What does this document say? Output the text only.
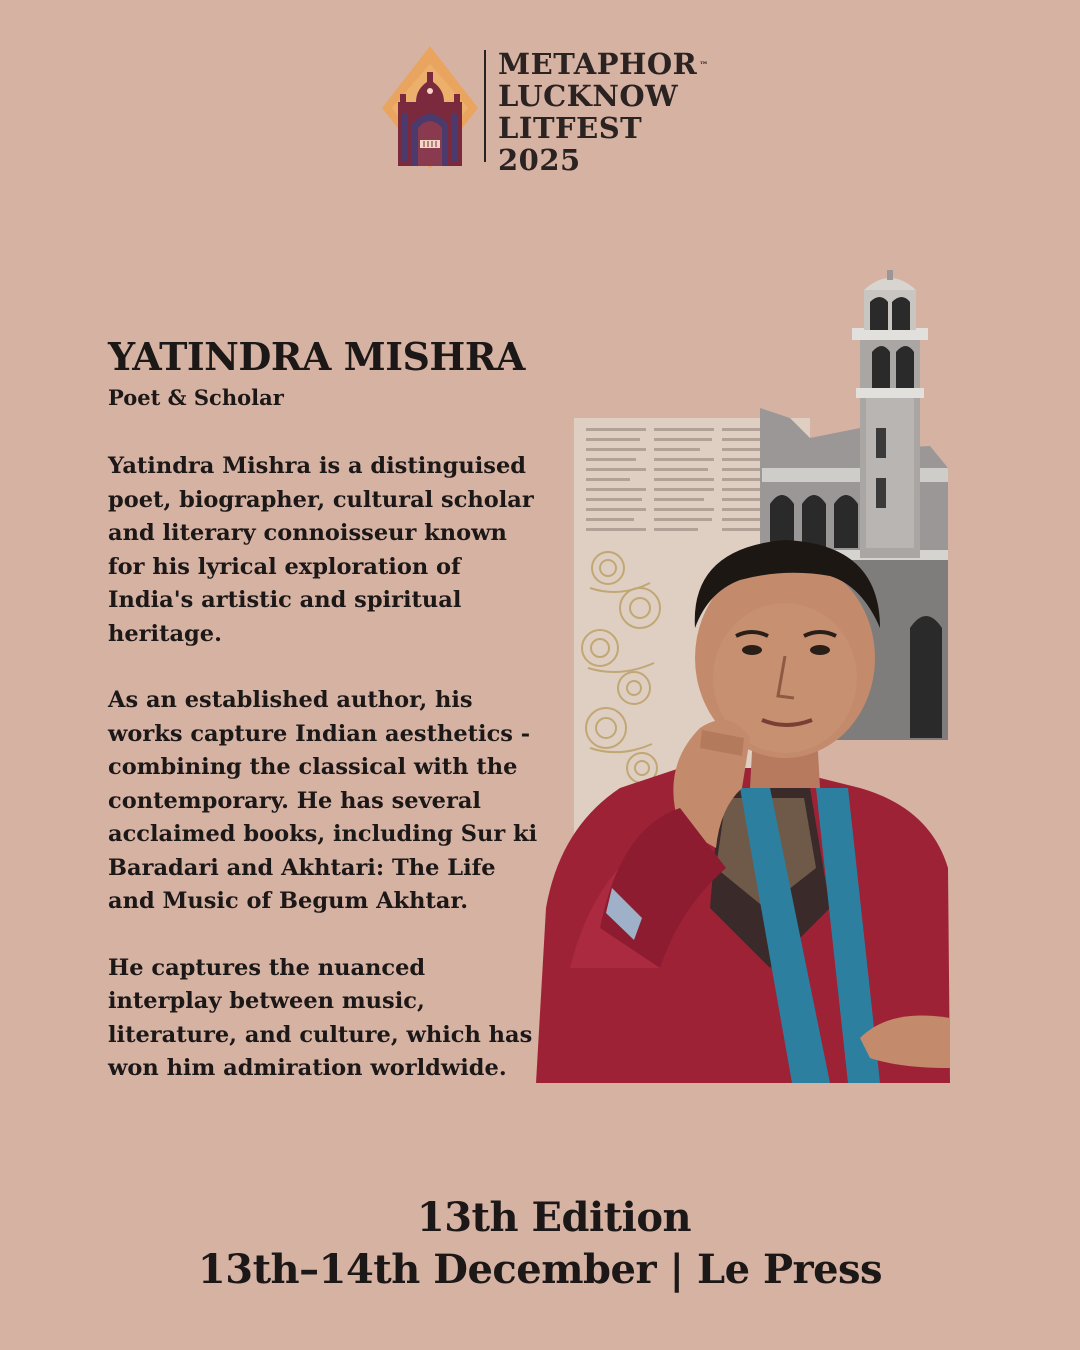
METAPHOR ™
LUCKNOW
LITFEST
2025
YATINDRA MISHRA
Poet & Scholar

Yatindra Mishra is a distinguised poet, biographer, cultural scholar and literary connoisseur known for his lyrical exploration of India's artistic and spiritual heritage.

As an established author, his works capture Indian aesthetics - combining the classical with the contemporary. He has several acclaimed books, including Sur ki Baradari and Akhtari: The Life and Music of Begum Akhtar.

He captures the nuanced interplay between music, literature, and culture, which has won him admiration worldwide.

13th Edition
13th–14th December | Le Press
